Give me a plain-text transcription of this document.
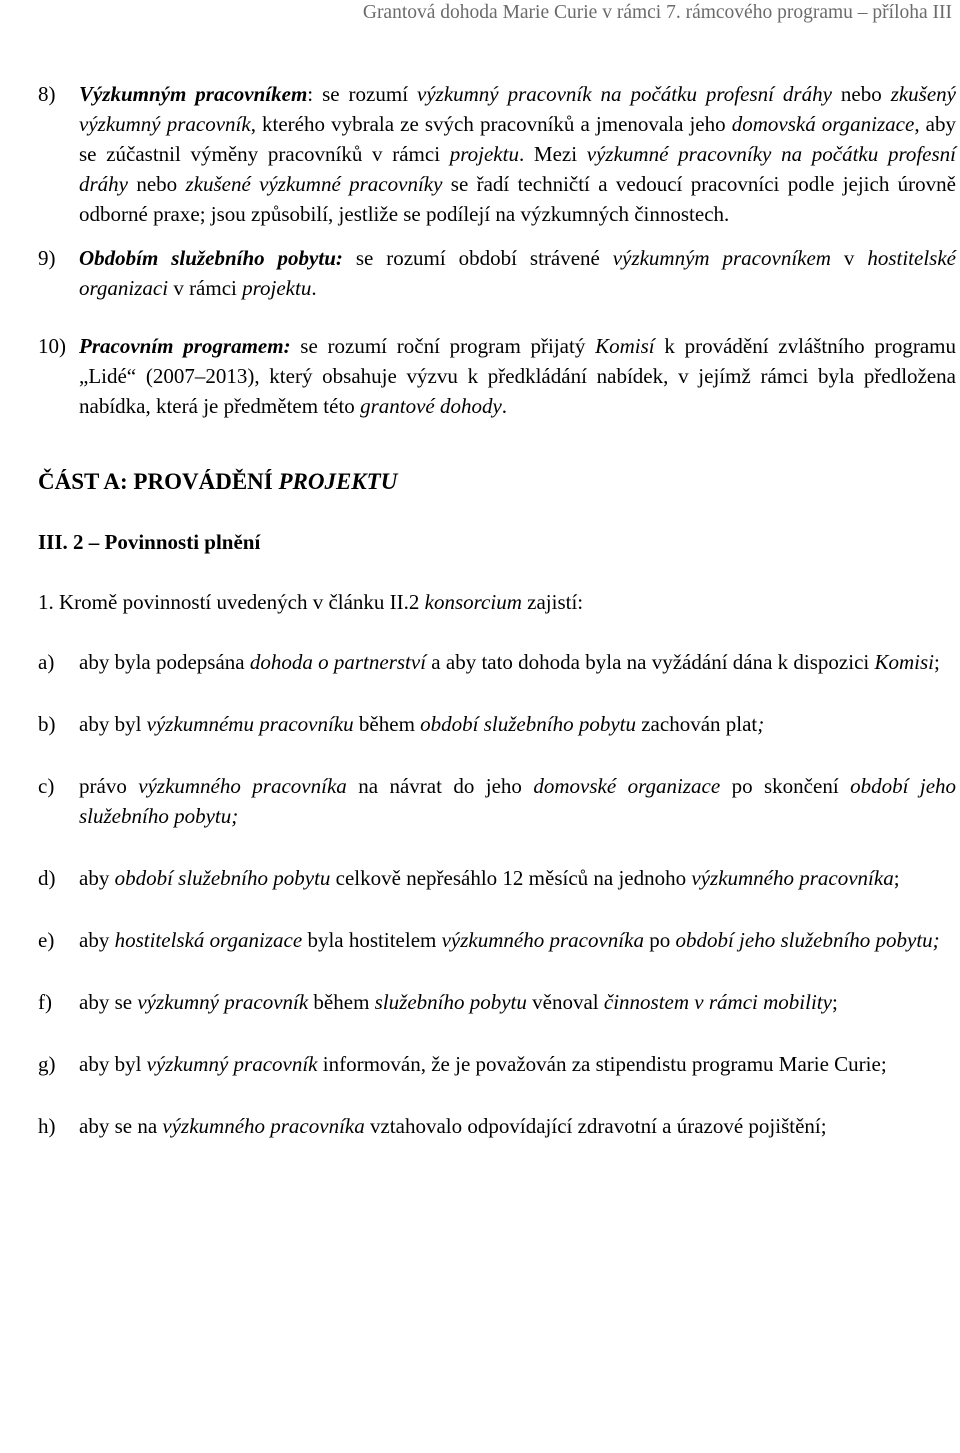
Grantová dohoda Marie Curie v rámci 7. rámcového programu – příloha III
8) Výzkumným pracovníkem: se rozumí výzkumný pracovník na počátku profesní dráhy nebo zkušený výzkumný pracovník, kterého vybrala ze svých pracovníků a jmenovala jeho domovská organizace, aby se zúčastnil výměny pracovníků v rámci projektu. Mezi výzkumné pracovníky na počátku profesní dráhy nebo zkušené výzkumné pracovníky se řadí techničtí a vedoucí pracovníci podle jejich úrovně odborné praxe; jsou způsobilí, jestliže se podílejí na výzkumných činnostech.
9) Obdobím služebního pobytu: se rozumí období strávené výzkumným pracovníkem v hostitelské organizaci v rámci projektu.
10) Pracovním programem: se rozumí roční program přijatý Komisí k provádění zvláštního programu „Lidé“ (2007–2013), který obsahuje výzvu k předkládání nabídek, v jejímž rámci byla předložena nabídka, která je předmětem této grantové dohody.

ČÁST A: PROVÁDĚNÍ PROJEKTU

III. 2 – Povinnosti plnění

1. Kromě povinností uvedených v článku II.2 konsorcium zajistí:

a) aby byla podepsána dohoda o partnerství a aby tato dohoda byla na vyžádání dána k dispozici Komisi;
b) aby byl výzkumnému pracovníku během období služebního pobytu zachován plat;
c) právo výzkumného pracovníka na návrat do jeho domovské organizace po skončení období jeho služebního pobytu;
d) aby období služebního pobytu celkově nepřesáhlo 12 měsíců na jednoho výzkumného pracovníka;
e) aby hostitelská organizace byla hostitelem výzkumného pracovníka po období jeho služebního pobytu;
f) aby se výzkumný pracovník během služebního pobytu věnoval činnostem v rámci mobility;
g) aby byl výzkumný pracovník informován, že je považován za stipendistu programu Marie Curie;
h) aby se na výzkumného pracovníka vztahovalo odpovídající zdravotní a úrazové pojištění;
